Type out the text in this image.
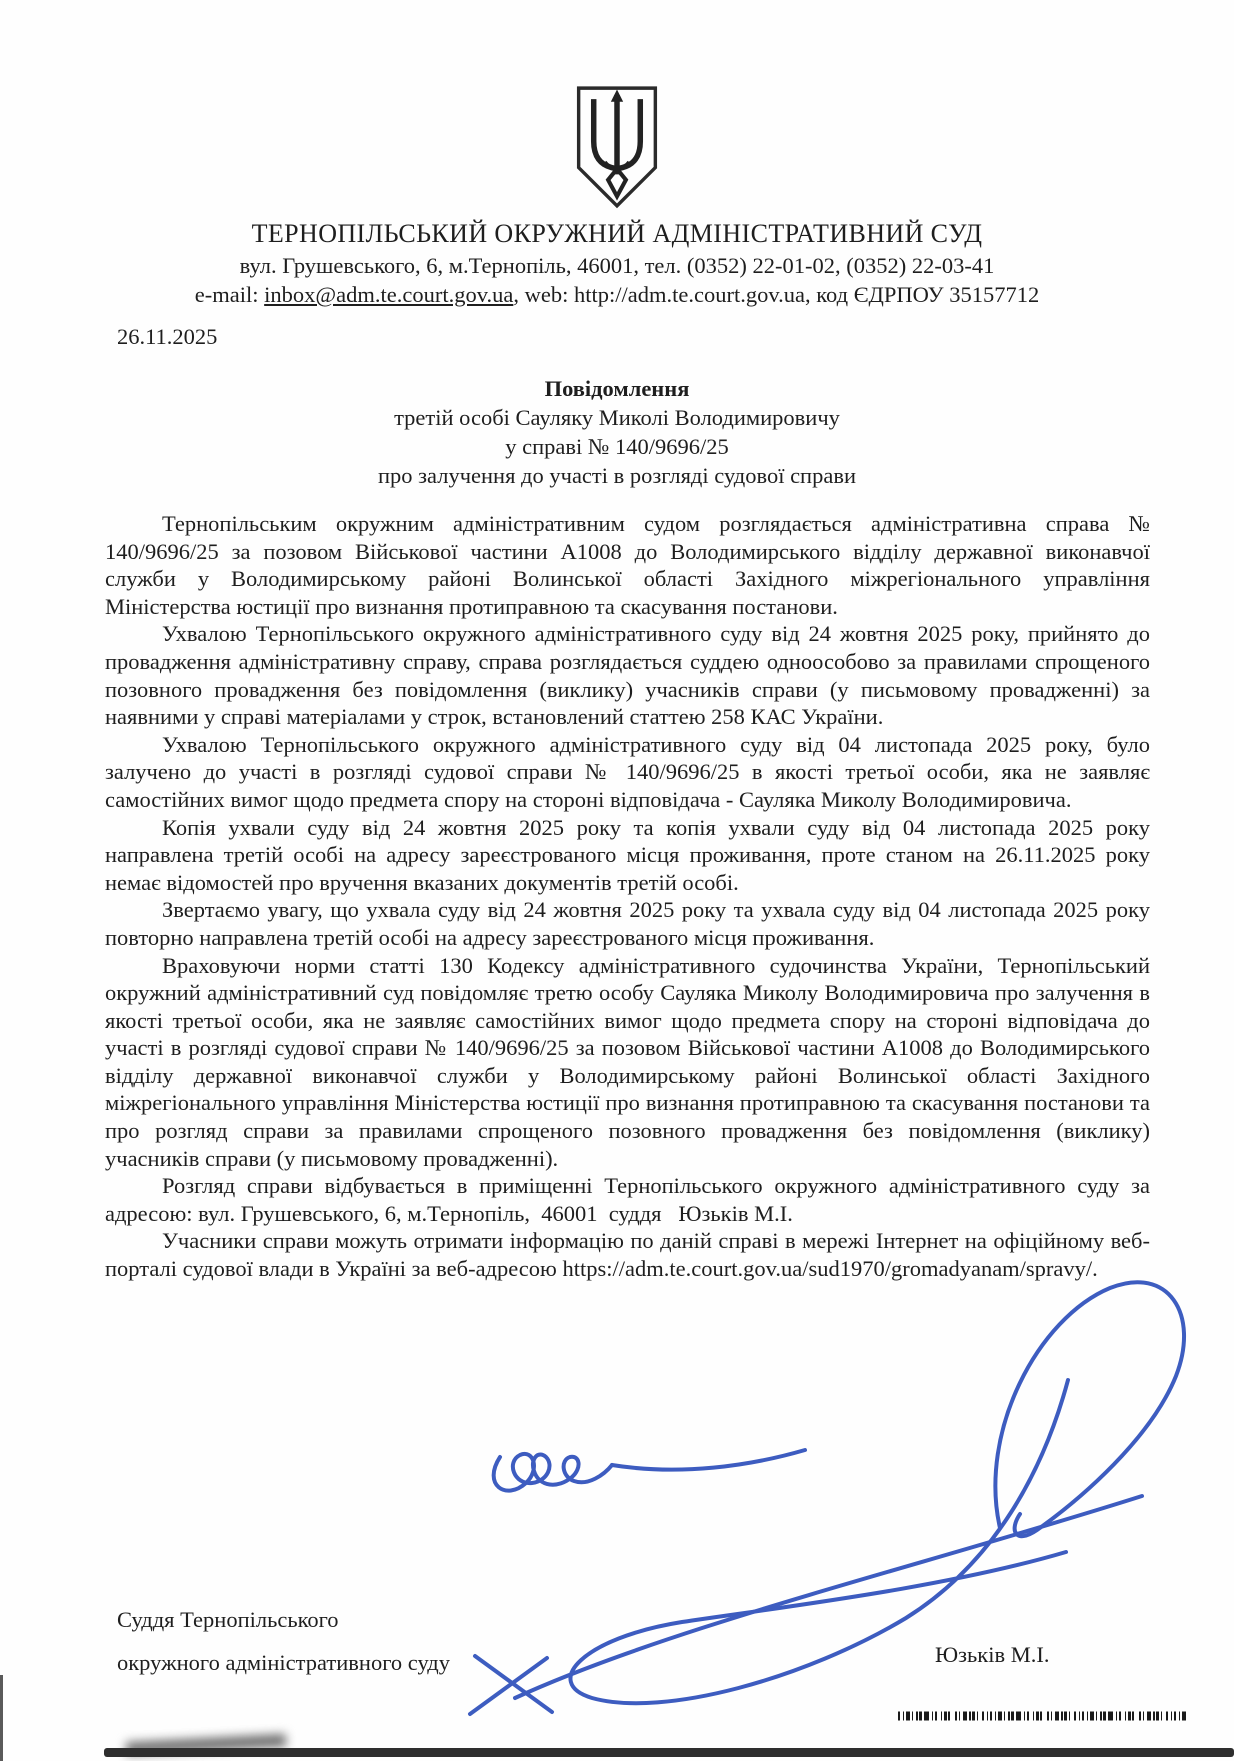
ТЕРНОПІЛЬСЬКИЙ ОКРУЖНИЙ АДМІНІСТРАТИВНИЙ СУД
вул. Грушевського, 6, м.Тернопіль, 46001, тел. (0352) 22-01-02, (0352) 22-03-41
e-mail: inbox@adm.te.court.gov.ua, web: http://adm.te.court.gov.ua, код ЄДРПОУ 35157712
26.11.2025
Повідомлення
третій особі Сауляку Миколі Володимировичу
у справі № 140/9696/25
про залучення до участі в розгляді судової справи

Тернопільським окружним адміністративним судом розглядається адміністративна справа № 140/9696/25 за позовом Військової частини А1008 до Володимирського відділу державної виконавчої служби у Володимирському районі Волинської області Західного міжрегіонального управління Міністерства юстиції про визнання протиправною та скасування постанови.

Ухвалою Тернопільського окружного адміністративного суду від 24 жовтня 2025 року, прийнято до провадження адміністративну справу, справа розглядається суддею одноособово за правилами спрощеного позовного провадження без повідомлення (виклику) учасників справи (у письмовому провадженні) за наявними у справі матеріалами у строк, встановлений статтею 258 КАС України.

Ухвалою Тернопільського окружного адміністративного суду від 04 листопада 2025 року, було залучено до участі в розгляді судової справи № 140/9696/25 в якості третьої особи, яка не заявляє самостійних вимог щодо предмета спору на стороні відповідача - Сауляка Миколу Володимировича.

Копія ухвали суду від 24 жовтня 2025 року та копія ухвали суду від 04 листопада 2025 року направлена третій особі на адресу зареєстрованого місця проживання, проте станом на 26.11.2025 року немає відомостей про вручення вказаних документів третій особі.

Звертаємо увагу, що ухвала суду від 24 жовтня 2025 року та ухвала суду від 04 листопада 2025 року повторно направлена третій особі на адресу зареєстрованого місця проживання.

Враховуючи норми статті 130 Кодексу адміністративного судочинства України, Тернопільський окружний адміністративний суд повідомляє третю особу Сауляка Миколу Володимировича про залучення в якості третьої особи, яка не заявляє самостійних вимог щодо предмета спору на стороні відповідача до участі в розгляді судової справи № 140/9696/25 за позовом Військової частини А1008 до Володимирського відділу державної виконавчої служби у Володимирському районі Волинської області Західного міжрегіонального управління Міністерства юстиції про визнання протиправною та скасування постанови та про розгляд справи за правилами спрощеного позовного провадження без повідомлення (виклику) учасників справи (у письмовому провадженні).

Розгляд справи відбувається в приміщенні Тернопільського окружного адміністративного суду за адресою: вул. Грушевського, 6, м.Тернопіль,  46001  суддя   Юзьків М.І.

Учасники справи можуть отримати інформацію по даній справі в мережі Інтернет на офіційному веб-порталі судової влади в Україні за веб-адресою https://adm.te.court.gov.ua/sud1970/gromadyanam/spravy/.

Суддя Тернопільського
окружного адміністративного суду	Юзьків М.І.
